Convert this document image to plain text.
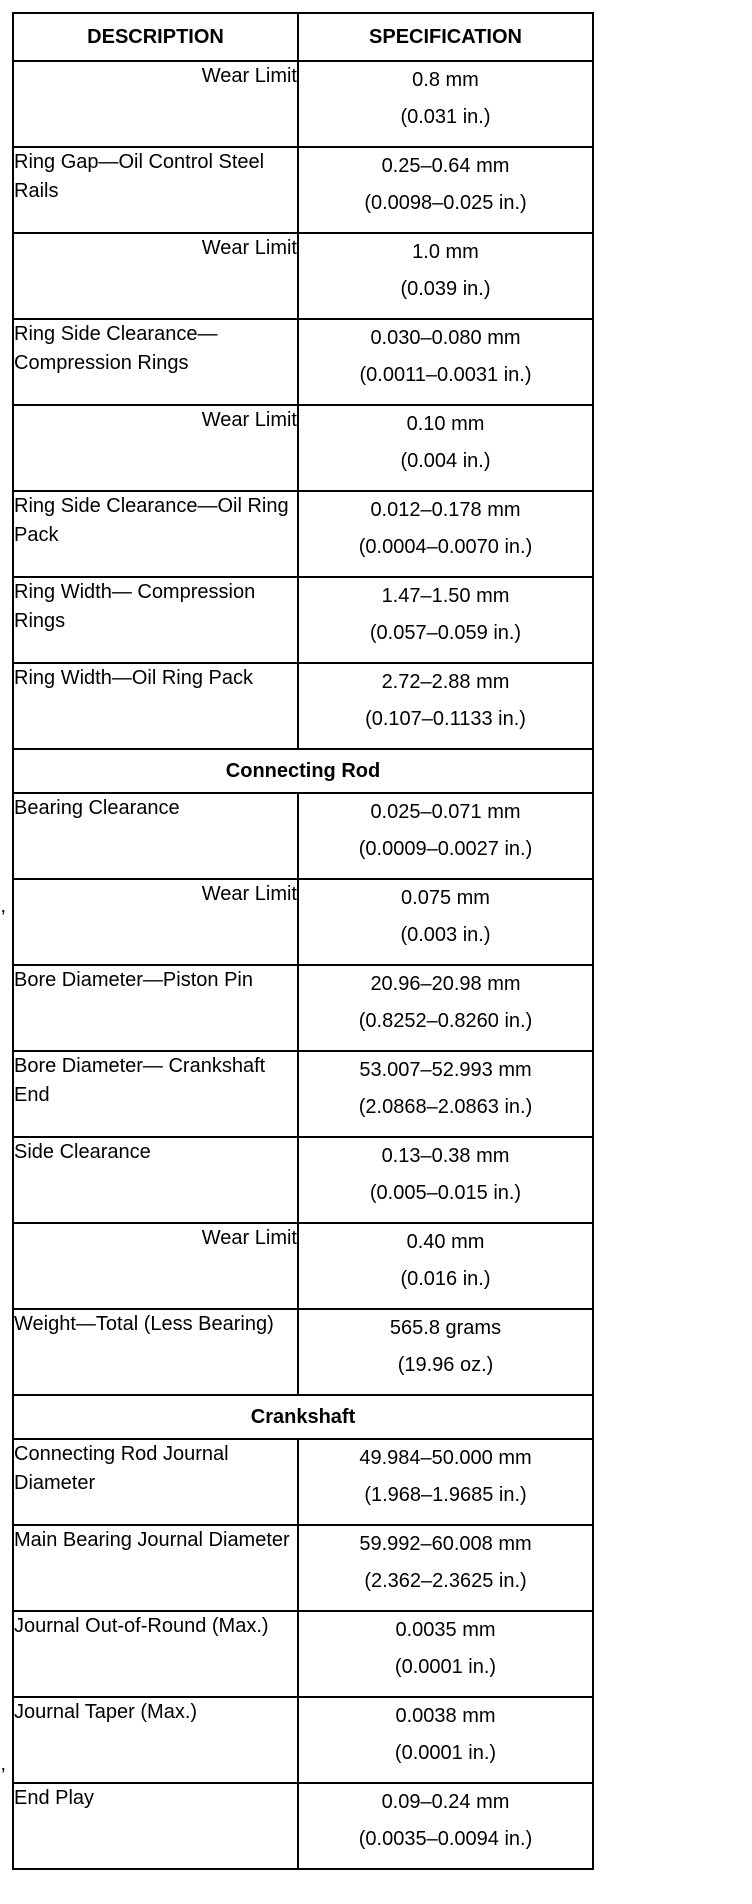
DESCRIPTION	SPECIFICATION
Wear Limit	0.8 mm
(0.031 in.)

Ring Gap—Oil Control Steel Rails	0.25–0.64 mm
(0.0098–0.025 in.)

Wear Limit	1.0 mm
(0.039 in.)

Ring Side Clearance— Compression Rings	0.030–0.080 mm
(0.0011–0.0031 in.)

Wear Limit	0.10 mm
(0.004 in.)

Ring Side Clearance—Oil Ring Pack	0.012–0.178 mm
(0.0004–0.0070 in.)

Ring Width— Compression Rings	1.47–1.50 mm
(0.057–0.059 in.)

Ring Width—Oil Ring Pack	2.72–2.88 mm
(0.107–0.1133 in.)

Connecting Rod	
Bearing Clearance	0.025–0.071 mm
(0.0009–0.0027 in.)

Wear Limit	0.075 mm
(0.003 in.)

Bore Diameter—Piston Pin	20.96–20.98 mm
(0.8252–0.8260 in.)

Bore Diameter— Crankshaft End	53.007–52.993 mm
(2.0868–2.0863 in.)

Side Clearance	0.13–0.38 mm
(0.005–0.015 in.)

Wear Limit	0.40 mm
(0.016 in.)

Weight—Total (Less Bearing)	565.8 grams
(19.96 oz.)

Crankshaft	
Connecting Rod Journal Diameter	49.984–50.000 mm
(1.968–1.9685 in.)

Main Bearing Journal Diameter	59.992–60.008 mm
(2.362–2.3625 in.)

Journal Out-of-Round (Max.)	0.0035 mm
(0.0001 in.)

Journal Taper (Max.)	0.0038 mm
(0.0001 in.)

End Play	0.09–0.24 mm
(0.0035–0.0094 in.)
’
’
